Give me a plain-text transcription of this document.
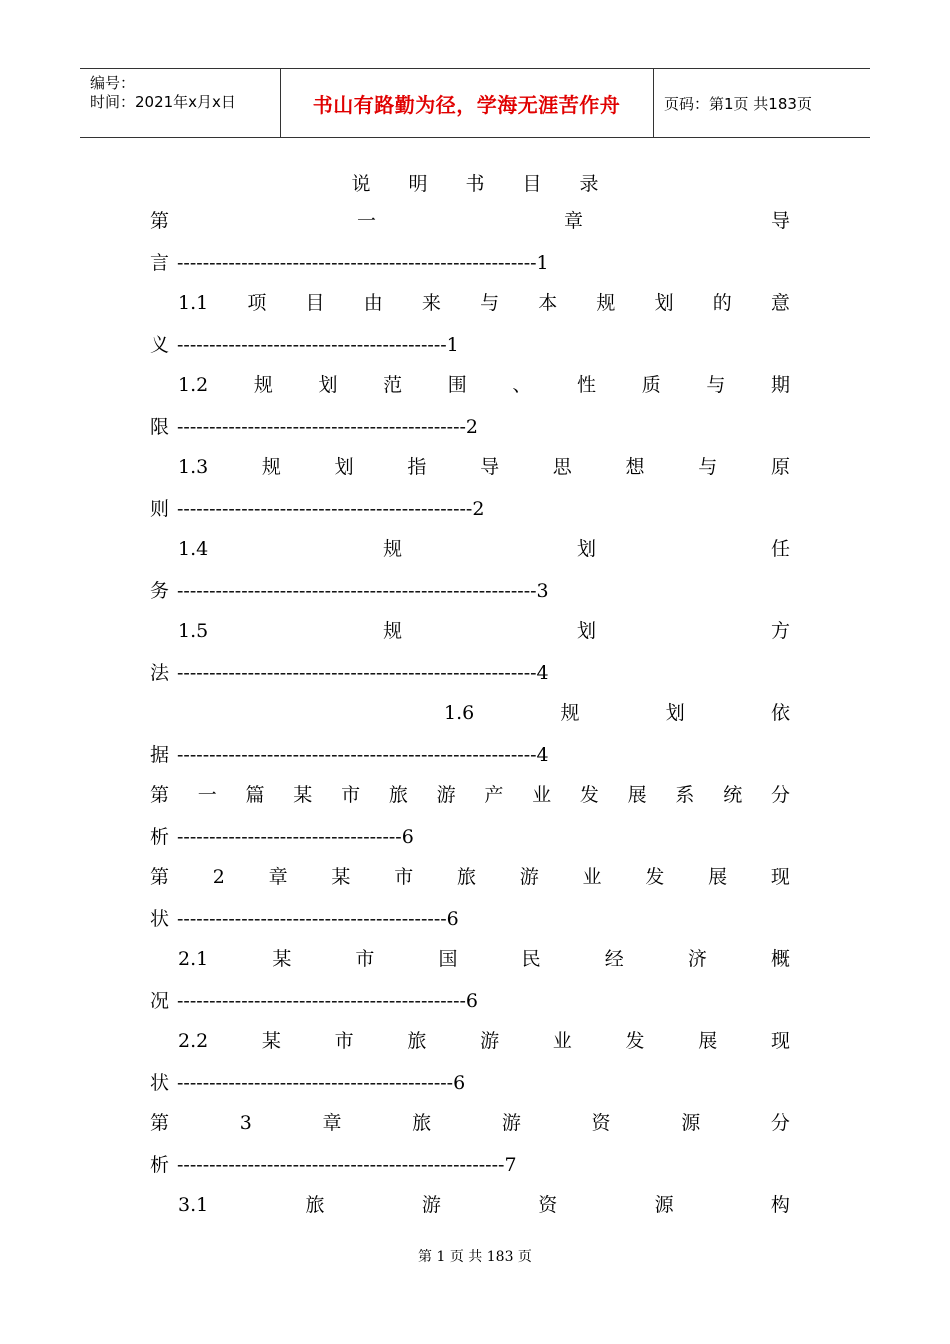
编号：
时间：2021年x月x日	书山有路勤为径，学海无涯苦作舟	页码：第1页 共183页
说明书目录
第	一	章	导
言 --------------------------------------------------------1
1.1 项 目 由 来 与 本 规 划 的 意
义 ------------------------------------------1
1.2 规 划 范 围 、 性 质 与 期
限 ---------------------------------------------2
1.3	规	划	指	导	思	想	与	原
则 ----------------------------------------------2
1.4	规	划	任
务 --------------------------------------------------------3
1.5	规	划	方
法 --------------------------------------------------------4
1.6	规	划	依
据 --------------------------------------------------------4
第 一 篇 某 市 旅 游 产 业 发 展 系 统 分
析 -----------------------------------6
第 2 章 某 市 旅 游 业 发 展 现
状 ------------------------------------------6
2.1	某	市	国	民	经	济	概
况 ---------------------------------------------6
2.2	某	市	旅	游	业	发	展	现
状 -------------------------------------------6
第	3	章	旅	游	资	源	分
析 ---------------------------------------------------7
3.1	旅	游	资	源	构
第 1 页 共 183 页
